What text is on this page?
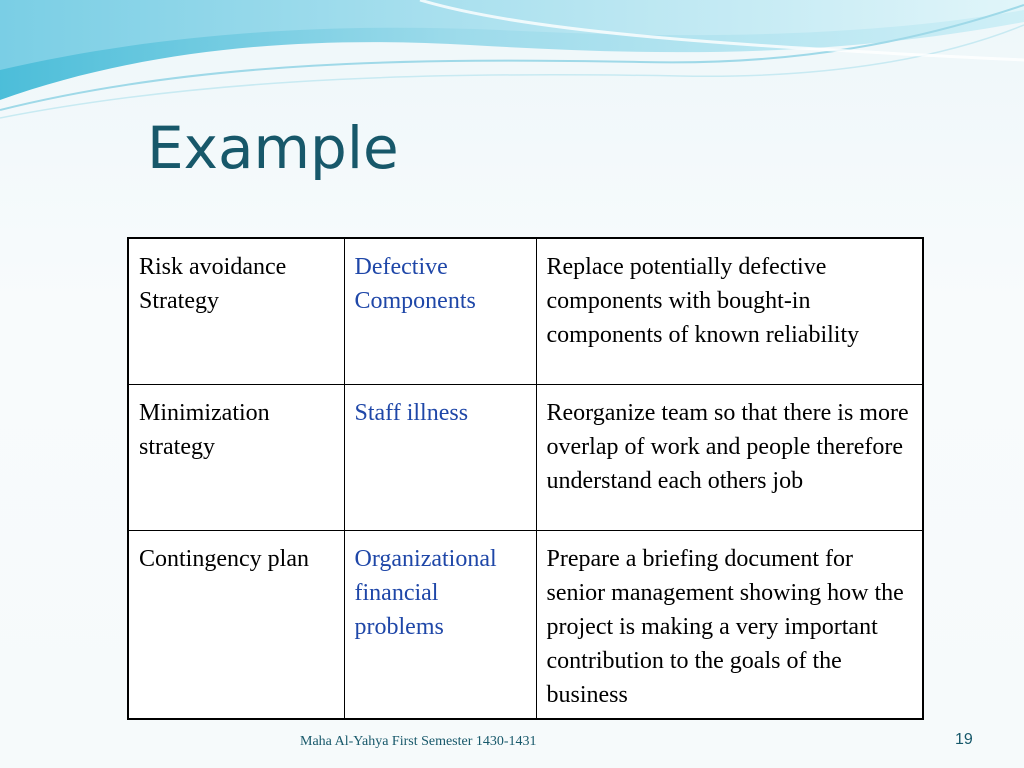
Example
Risk avoidance Strategy	Defective Components	Replace potentially defective components with bought-in components of known reliability
Minimization strategy	Staff illness	Reorganize team so that there is more overlap of work and people therefore understand each others job
Contingency plan	Organizational financial problems	Prepare a briefing document for senior management showing how the project is making a very important contribution to the goals of the business
Maha Al-Yahya First Semester 1430-1431	19
